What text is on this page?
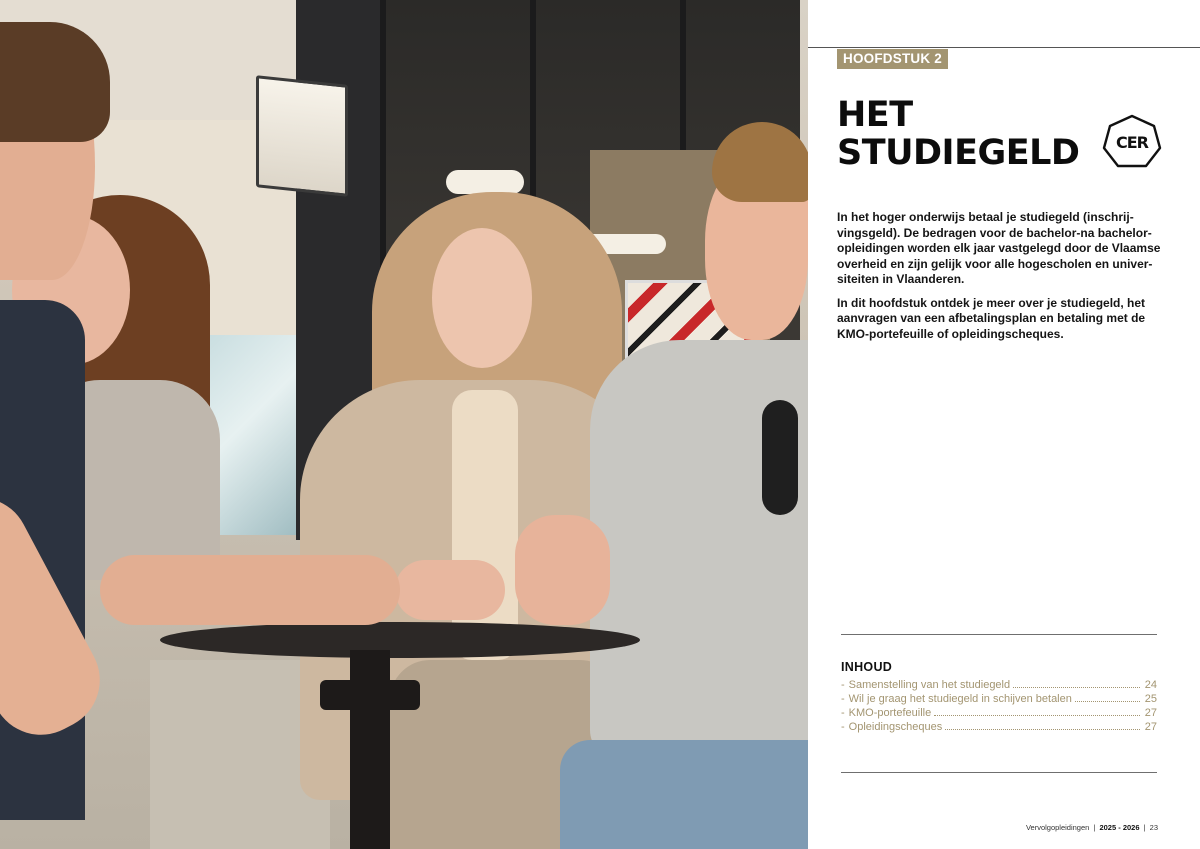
HOOFDSTUK 2
HET
STUDIEGELD	CER

In het hoger onderwijs betaal je studiegeld (inschrij-
vingsgeld). De bedragen voor de bachelor-na bachelor-
opleidingen worden elk jaar vastgelegd door de Vlaamse
overheid en zijn gelijk voor alle hogescholen en univer-
siteiten in Vlaanderen.

In dit hoofdstuk ontdek je meer over je studiegeld, het
aanvragen van een afbetalingsplan en betaling met de
KMO-portefeuille of opleidingscheques.

INHOUD
- Samenstelling van het studiegeld	24
- Wil je graag het studiegeld in schijven betalen	25
- KMO-portefeuille	27
- Opleidingscheques	27
Vervolgopleidingen | 2025 - 2026 | 23
